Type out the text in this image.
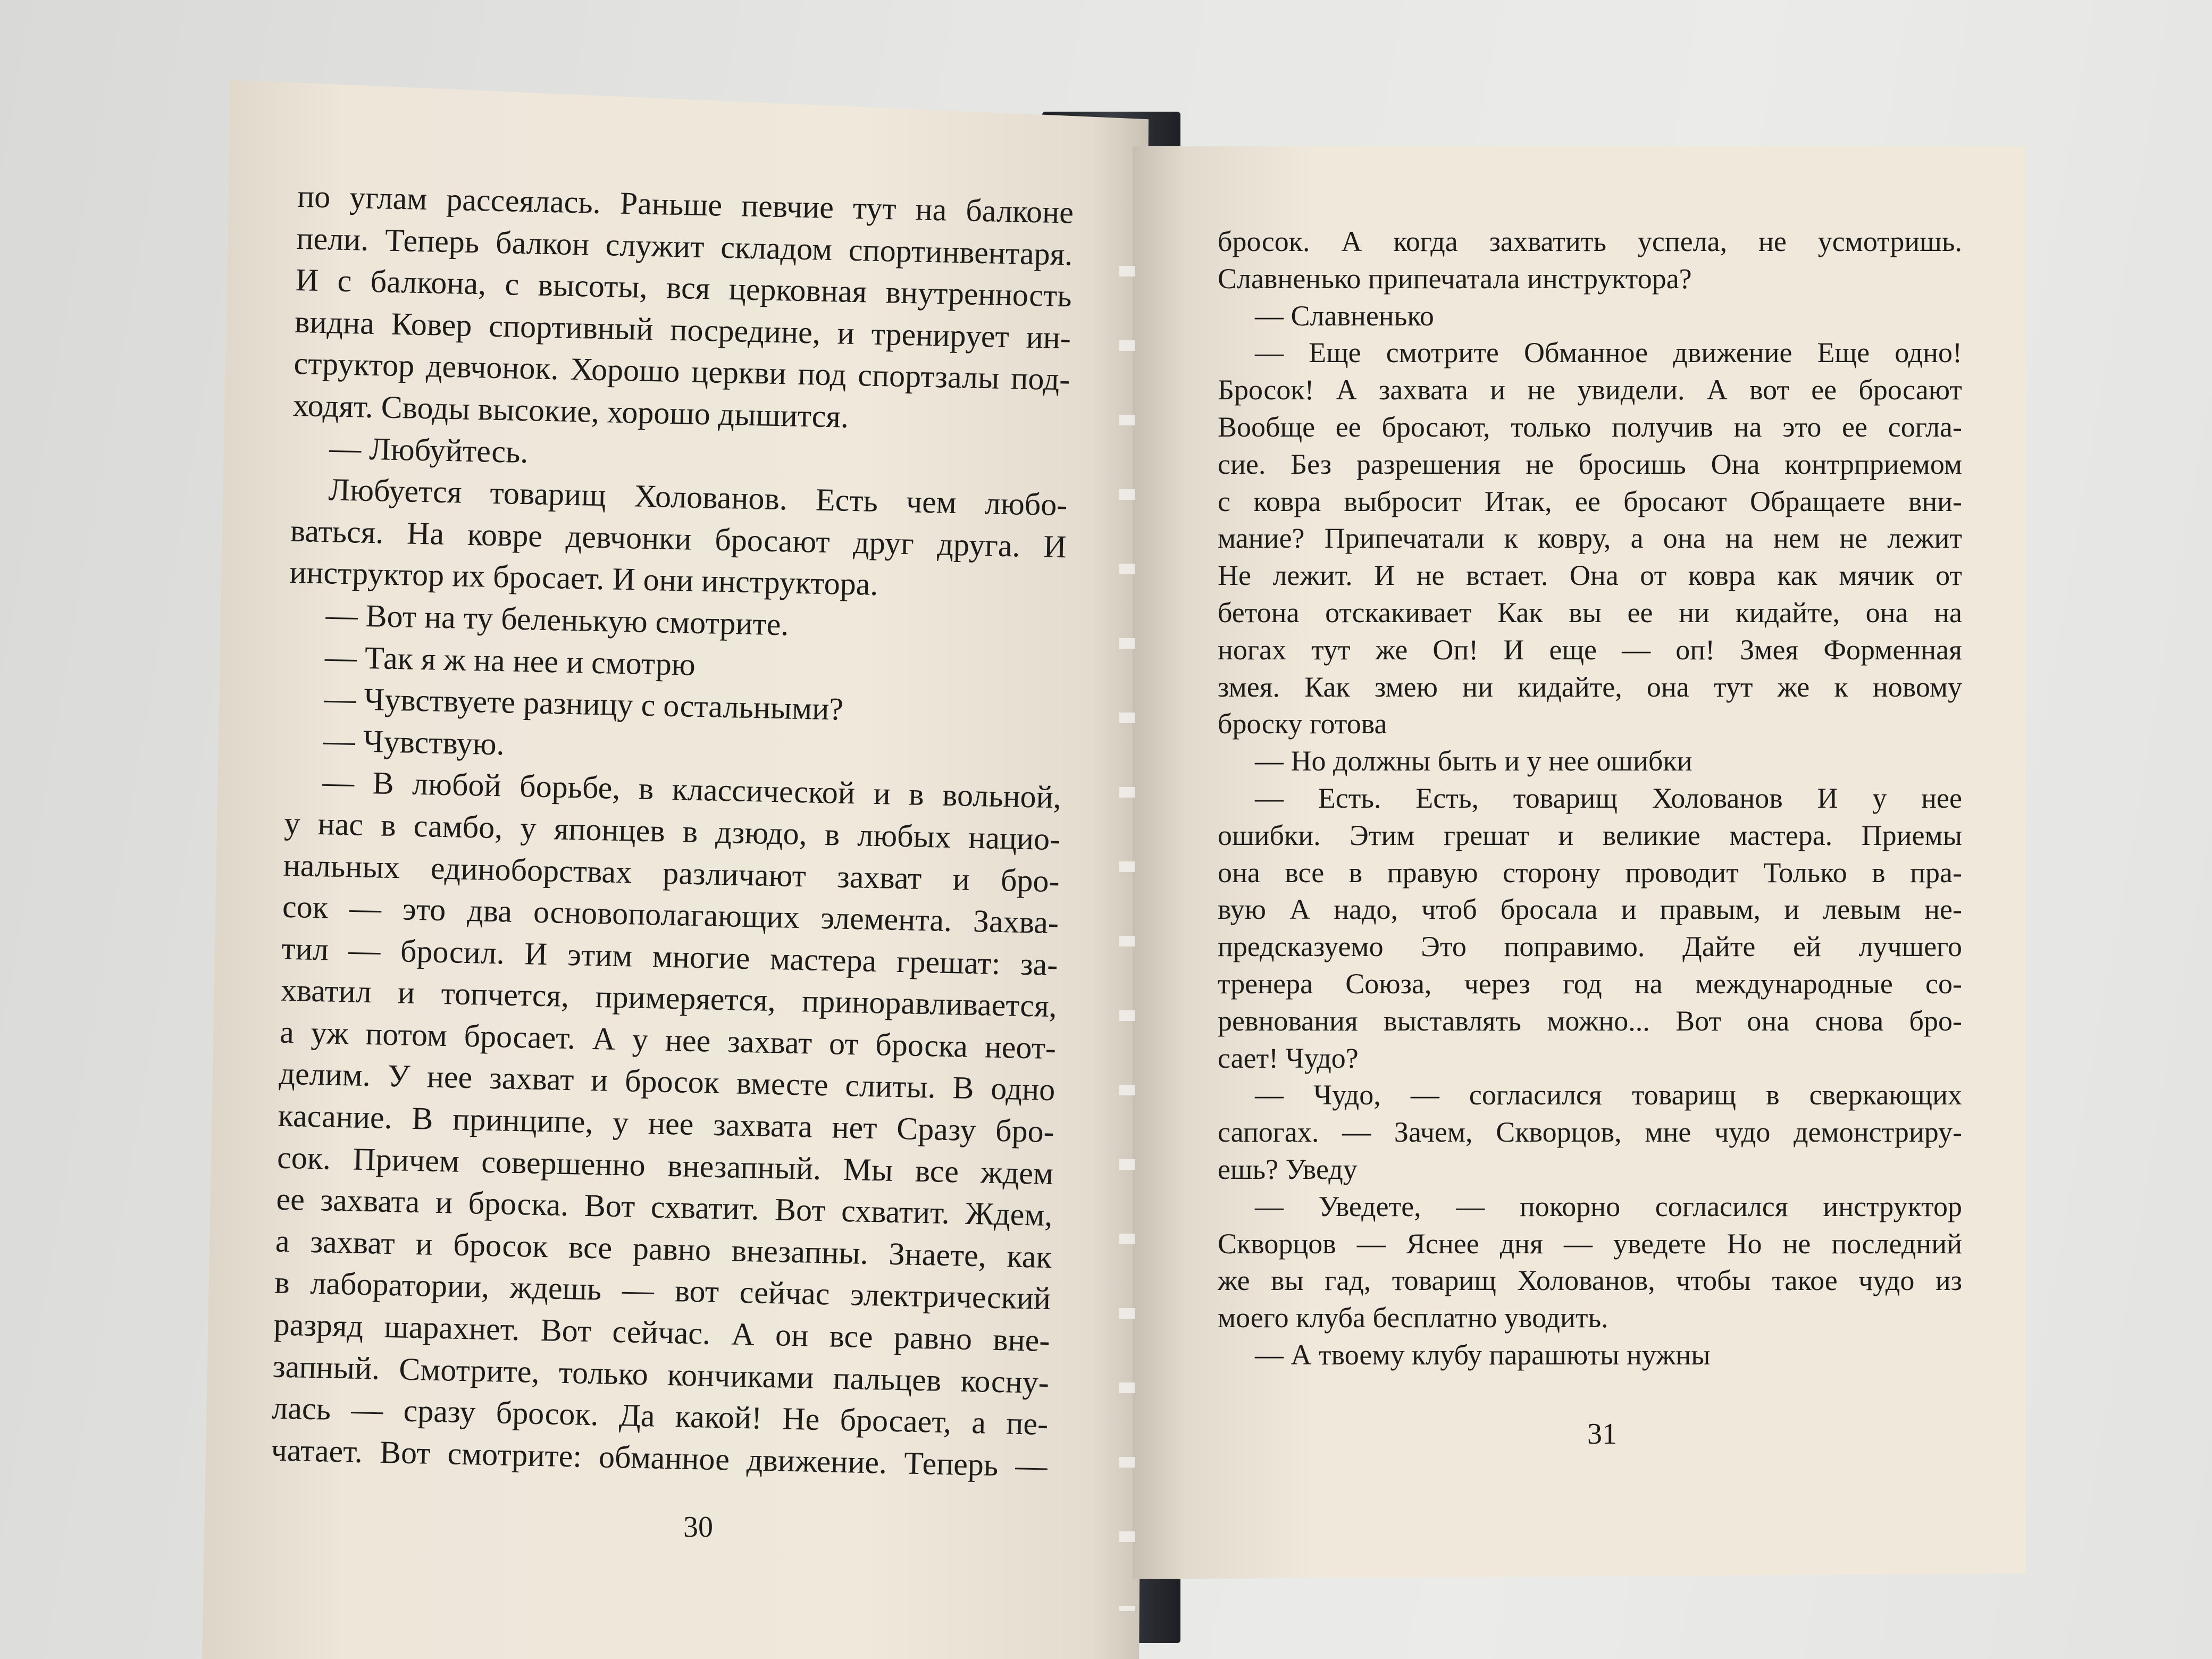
по углам рассеялась. Раньше певчие тут на балконе
пели. Теперь балкон служит складом спортинвентаря.
И с балкона, с высоты, вся церковная внутренность
видна Ковер спортивный посредине, и тренирует ин-
структор девчонок. Хорошо церкви под спортзалы под-
ходят. Своды высокие, хорошо дышится.
— Любуйтесь.
Любуется товарищ Холованов. Есть чем любо-
ваться. На ковре девчонки бросают друг друга. И
инструктор их бросает. И они инструктора.
— Вот на ту беленькую смотрите.
— Так я ж на нее и смотрю
— Чувствуете разницу с остальными?
— Чувствую.
— В любой борьбе, в классической и в вольной,
у нас в самбо, у японцев в дзюдо, в любых нацио-
нальных единоборствах различают захват и бро-
сок — это два основополагающих элемента. Захва-
тил — бросил. И этим многие мастера грешат: за-
хватил и топчется, примеряется, приноравливается,
а уж потом бросает. А у нее захват от броска неот-
делим. У нее захват и бросок вместе слиты. В одно
касание. В принципе, у нее захвата нет Сразу бро-
сок. Причем совершенно внезапный. Мы все ждем
ее захвата и броска. Вот схватит. Вот схватит. Ждем,
а захват и бросок все равно внезапны. Знаете, как
в лаборатории, ждешь — вот сейчас электрический
разряд шарахнет. Вот сейчас. А он все равно вне-
запный. Смотрите, только кончиками пальцев косну-
лась — сразу бросок. Да какой! Не бросает, а пе-
чатает. Вот смотрите: обманное движение. Теперь —
30
бросок. А когда захватить успела, не усмотришь.
Славненько припечатала инструктора?
— Славненько
— Еще смотрите Обманное движение Еще одно!
Бросок! А захвата и не увидели. А вот ее бросают
Вообще ее бросают, только получив на это ее согла-
сие. Без разрешения не бросишь Она контрприемом
с ковра выбросит Итак, ее бросают Обращаете вни-
мание? Припечатали к ковру, а она на нем не лежит
Не лежит. И не встает. Она от ковра как мячик от
бетона отскакивает Как вы ее ни кидайте, она на
ногах тут же Оп! И еще — оп! Змея Форменная
змея. Как змею ни кидайте, она тут же к новому
броску готова
— Но должны быть и у нее ошибки
— Есть. Есть, товарищ Холованов И у нее
ошибки. Этим грешат и великие мастера. Приемы
она все в правую сторону проводит Только в пра-
вую А надо, чтоб бросала и правым, и левым не-
предсказуемо Это поправимо. Дайте ей лучшего
тренера Союза, через год на международные со-
ревнования выставлять можно... Вот она снова бро-
сает! Чудо?
— Чудо, — согласился товарищ в сверкающих
сапогах. — Зачем, Скворцов, мне чудо демонстриру-
ешь? Уведу
— Уведете, — покорно согласился инструктор
Скворцов — Яснее дня — уведете Но не последний
же вы гад, товарищ Холованов, чтобы такое чудо из
моего клуба бесплатно уводить.
— А твоему клубу парашюты нужны
31
